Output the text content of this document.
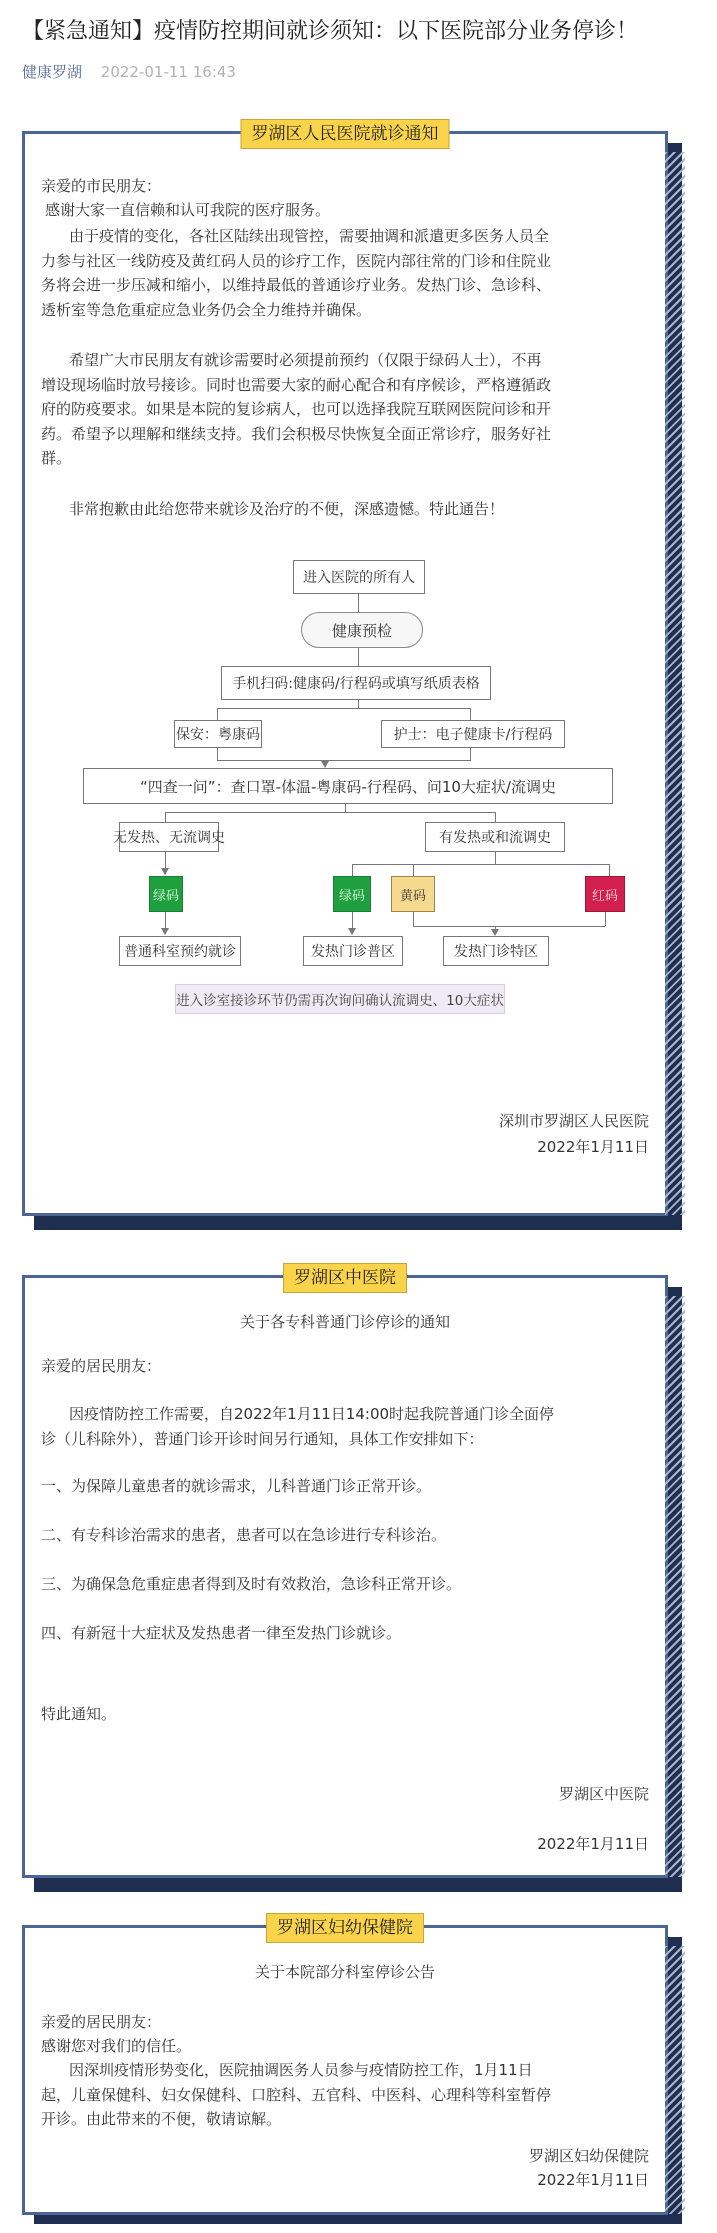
【紧急通知】疫情防控期间就诊须知：以下医院部分业务停诊！
健康罗湖 2022-01-11 16:43
罗湖区人民医院就诊通知
亲爱的市民朋友：
感谢大家一直信赖和认可我院的医疗服务。
由于疫情的变化，各社区陆续出现管控，需要抽调和派遣更多医务人员全
力参与社区一线防疫及黄红码人员的诊疗工作，医院内部往常的门诊和住院业
务将会进一步压减和缩小，以维持最低的普通诊疗业务。发热门诊、急诊科、
透析室等急危重症应急业务仍会全力维持并确保。
希望广大市民朋友有就诊需要时必须提前预约（仅限于绿码人士），不再
增设现场临时放号接诊。同时也需要大家的耐心配合和有序候诊，严格遵循政
府的防疫要求。如果是本院的复诊病人，也可以选择我院互联网医院问诊和开
药。希望予以理解和继续支持。我们会积极尽快恢复全面正常诊疗，服务好社
群。
非常抱歉由此给您带来就诊及治疗的不便，深感遗憾。特此通告！
进入医院的所有人
健康预检
手机扫码:健康码/行程码或填写纸质表格
保安：粤康码	护士：电子健康卡/行程码
“四查一问”：查口罩-体温-粤康码-行程码、问10大症状/流调史
无发热、无流调史	有发热或和流调史
绿码
普通科室预约就诊
绿码	黄码	红码
发热门诊普区	发热门诊特区
进入诊室接诊环节仍需再次询问确认流调史、10大症状
深圳市罗湖区人民医院
2022年1月11日
罗湖区中医院
关于各专科普通门诊停诊的通知
亲爱的居民朋友：
因疫情防控工作需要，自2022年1月11日14:00时起我院普通门诊全面停
诊（儿科除外），普通门诊开诊时间另行通知，具体工作安排如下：
一、为保障儿童患者的就诊需求，儿科普通门诊正常开诊。
二、有专科诊治需求的患者，患者可以在急诊进行专科诊治。
三、为确保急危重症患者得到及时有效救治，急诊科正常开诊。
四、有新冠十大症状及发热患者一律至发热门诊就诊。
特此通知。
罗湖区中医院
2022年1月11日
罗湖区妇幼保健院
关于本院部分科室停诊公告
亲爱的居民朋友：
感谢您对我们的信任。
因深圳疫情形势变化，医院抽调医务人员参与疫情防控工作，1月11日
起，儿童保健科、妇女保健科、口腔科、五官科、中医科、心理科等科室暂停
开诊。由此带来的不便，敬请谅解。
罗湖区妇幼保健院
2022年1月11日
